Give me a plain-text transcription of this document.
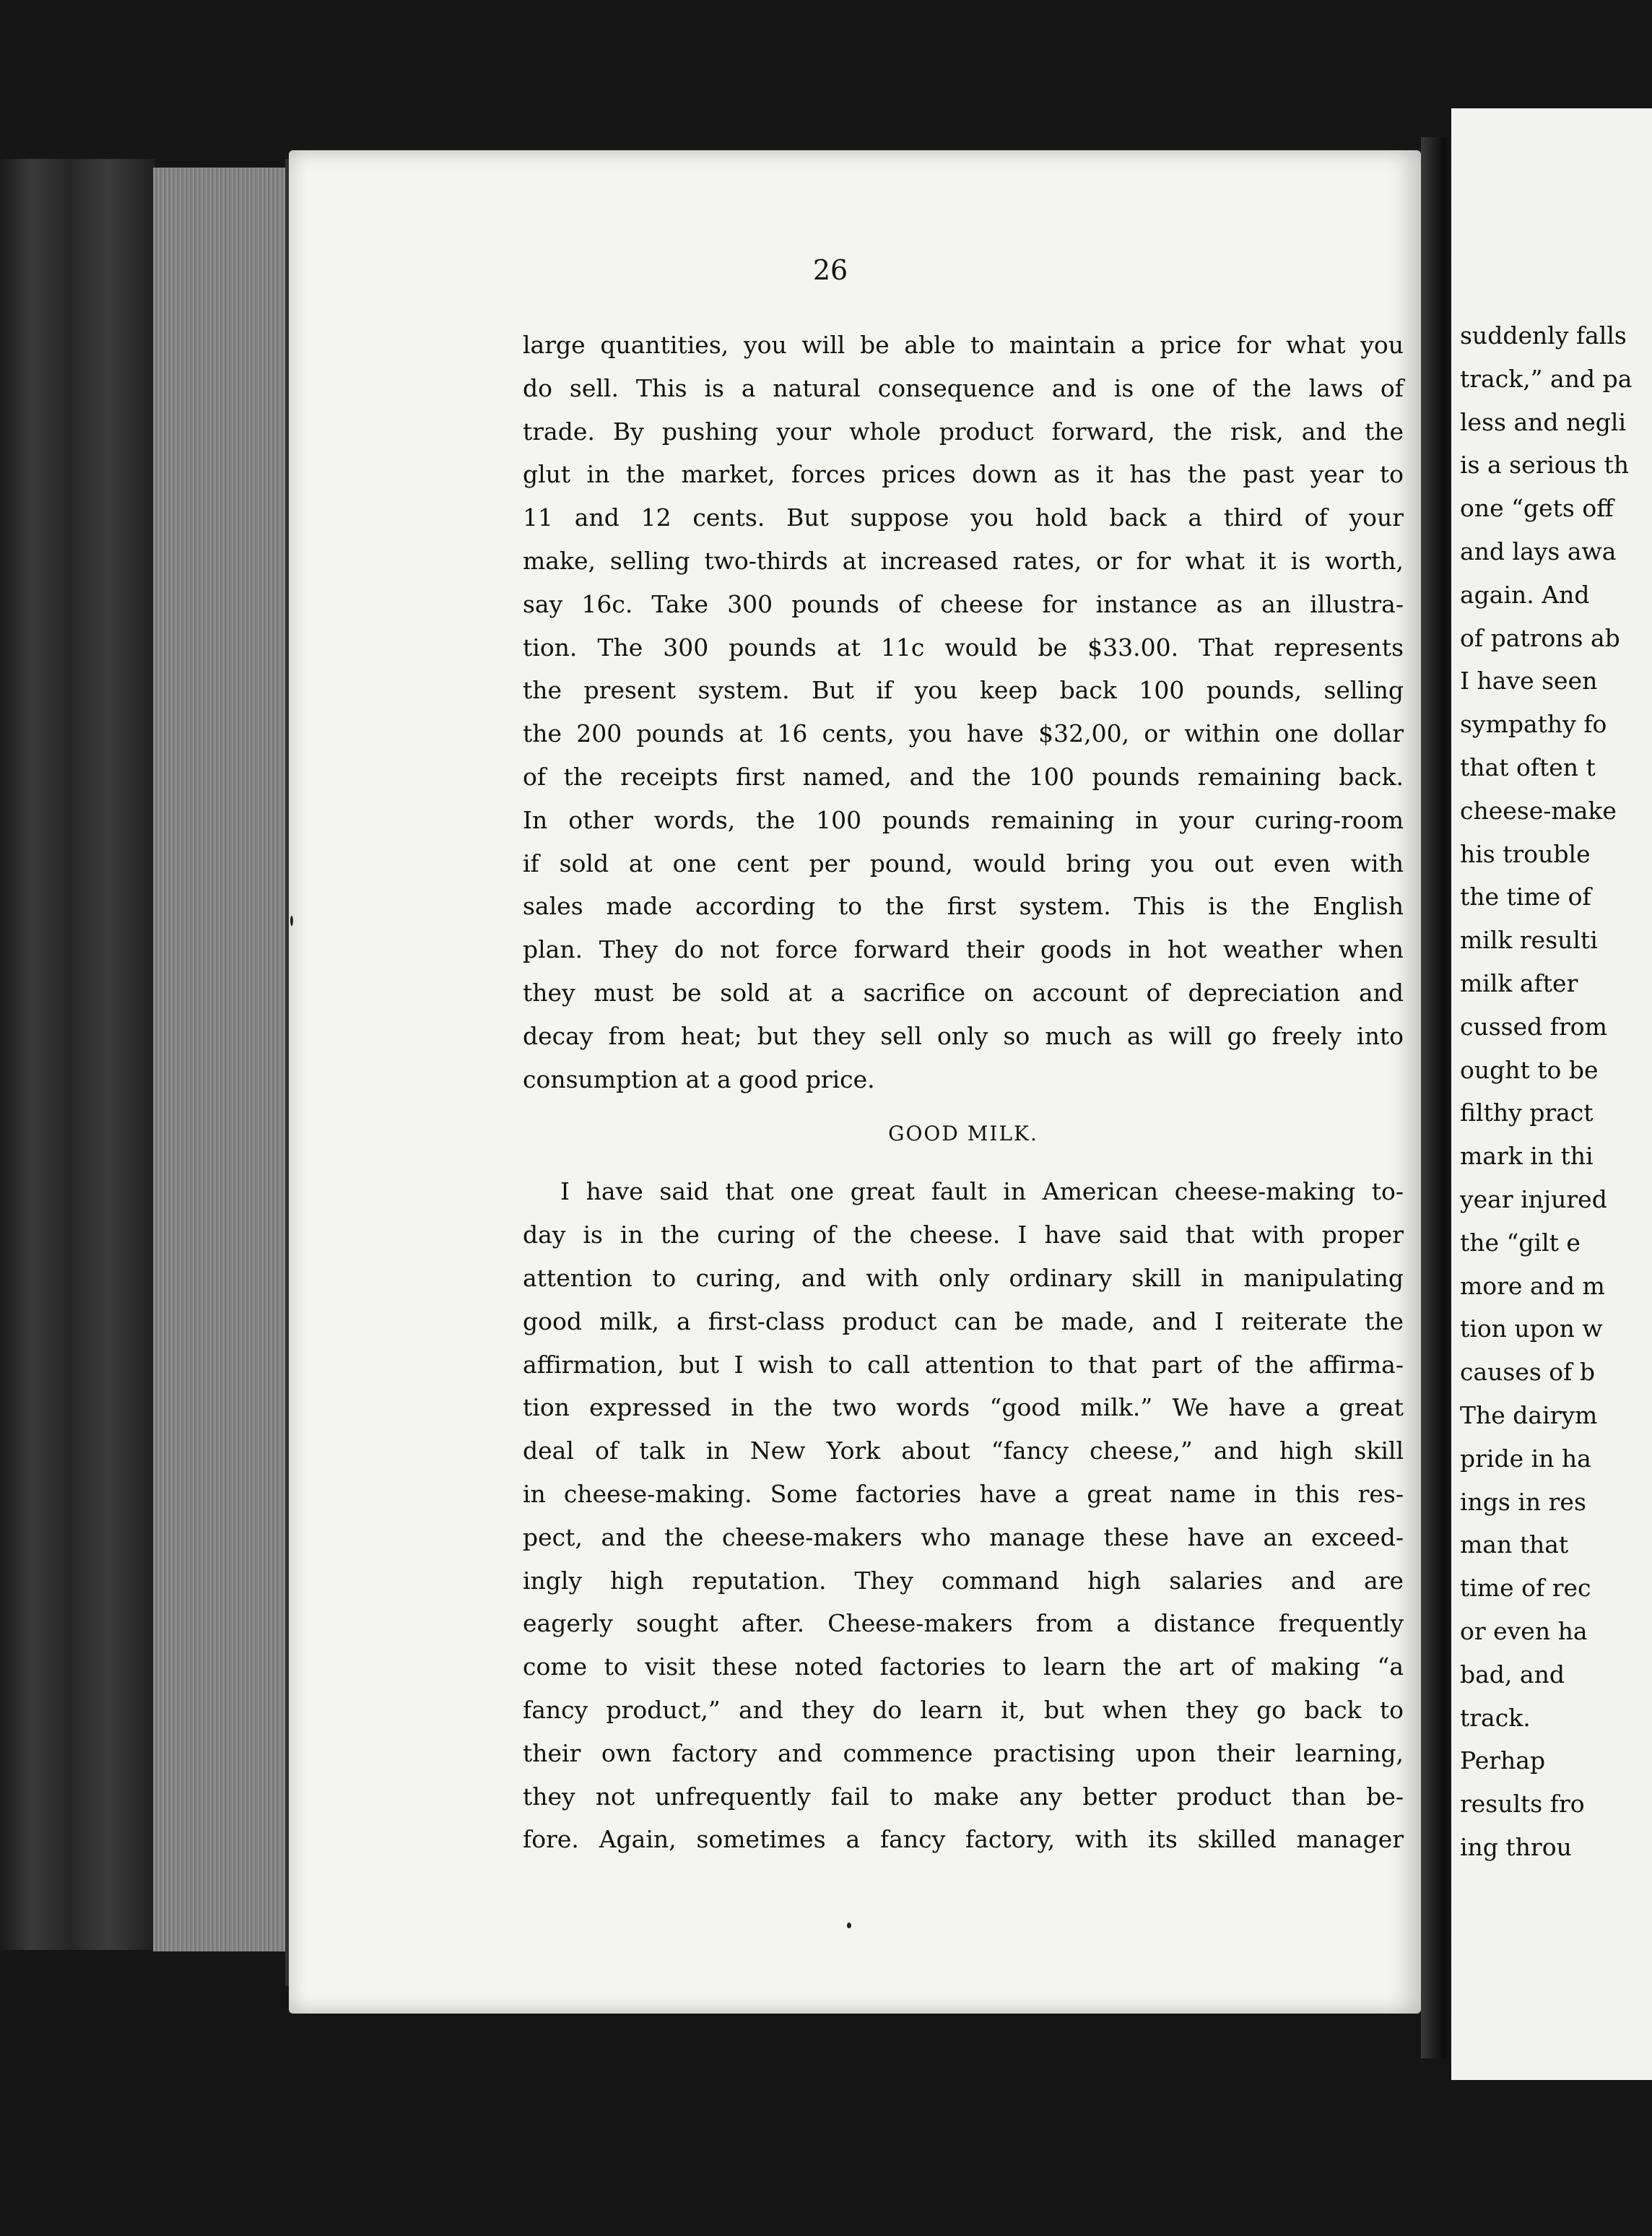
26

large quantities, you will be able to maintain a price for what you
do sell. This is a natural consequence and is one of the laws of
trade. By pushing your whole product forward, the risk, and the
glut in the market, forces prices down as it has the past year to
11 and 12 cents. But suppose you hold back a third of your
make, selling two-thirds at increased rates, or for what it is worth,
say 16c. Take 300 pounds of cheese for instance as an illustra-
tion. The 300 pounds at 11c would be $33.00. That represents
the present system. But if you keep back 100 pounds, selling
the 200 pounds at 16 cents, you have $32,00, or within one dollar
of the receipts first named, and the 100 pounds remaining back.
In other words, the 100 pounds remaining in your curing-room
if sold at one cent per pound, would bring you out even with
sales made according to the first system. This is the English
plan. They do not force forward their goods in hot weather when
they must be sold at a sacrifice on account of depreciation and
decay from heat; but they sell only so much as will go freely into
consumption at a good price.
GOOD MILK.
I have said that one great fault in American cheese-making to-
day is in the curing of the cheese. I have said that with proper
attention to curing, and with only ordinary skill in manipulating
good milk, a first-class product can be made, and I reiterate the
affirmation, but I wish to call attention to that part of the affirma-
tion expressed in the two words “good milk.” We have a great
deal of talk in New York about “fancy cheese,” and high skill
in cheese-making. Some factories have a great name in this res-
pect, and the cheese-makers who manage these have an exceed-
ingly high reputation. They command high salaries and are
eagerly sought after. Cheese-makers from a distance frequently
come to visit these noted factories to learn the art of making “a
fancy product,” and they do learn it, but when they go back to
their own factory and commence practising upon their learning,
they not unfrequently fail to make any better product than be-
fore. Again, sometimes a fancy factory, with its skilled manager
suddenly falls
track,” and pa
less and negli
is a serious th
one “gets off
and lays awa
again. And
of patrons ab
I have seen
sympathy fo
that often t
cheese-make
his trouble
the time of
milk resulti
milk after
cussed from
ought to be
filthy pract
mark in thi
year injured
the “gilt e
more and m
tion upon w
causes of b
The dairym
pride in ha
ings in res
man that
time of rec
or even ha
bad, and
track.
Perhap
results fro
ing throu
